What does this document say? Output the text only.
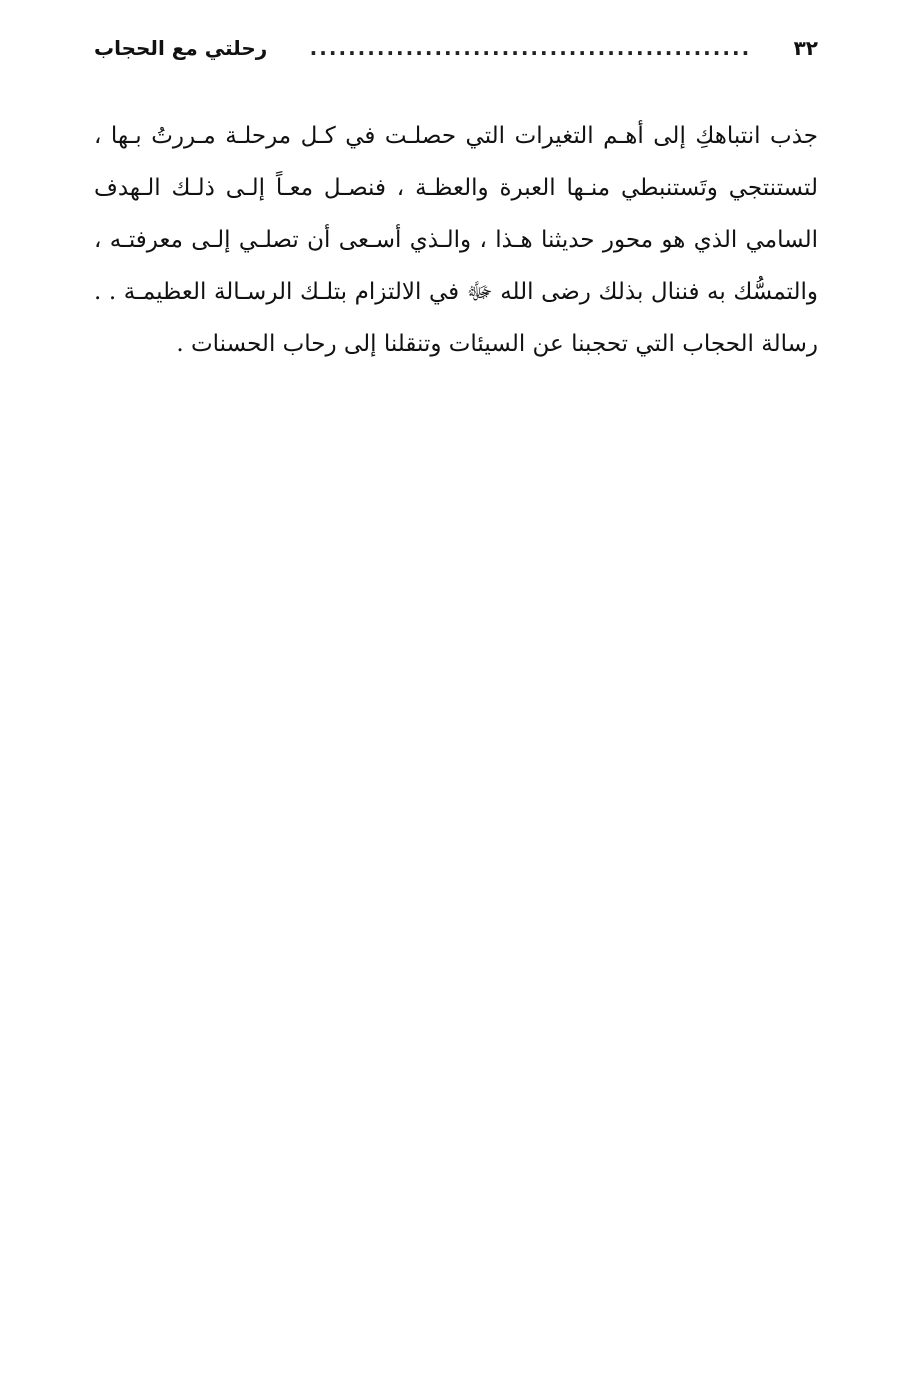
٣٢
..............................................
رحلتي مع الحجاب
جذب انتباهكِ إلى أهـم التغيرات التي حصلـت في كـل مرحلـة مـررتُ بـها ،
لتستنتجي وتَستنبطي منـها العبرة والعظـة ، فنصـل معـاً إلـى ذلـك الـهدف
السامي الذي هو محور حديثنا هـذا ، والـذي أسـعى أن تصلـي إلـى معرفتـه ،
والتمسُّك به فننال بذلك رضى الله ﷻ في الالتزام بتلـك الرسـالة العظيمـة . .
رسالة الحجاب التي تحجبنا عن السيئات وتنقلنا إلى رحاب الحسنات .
